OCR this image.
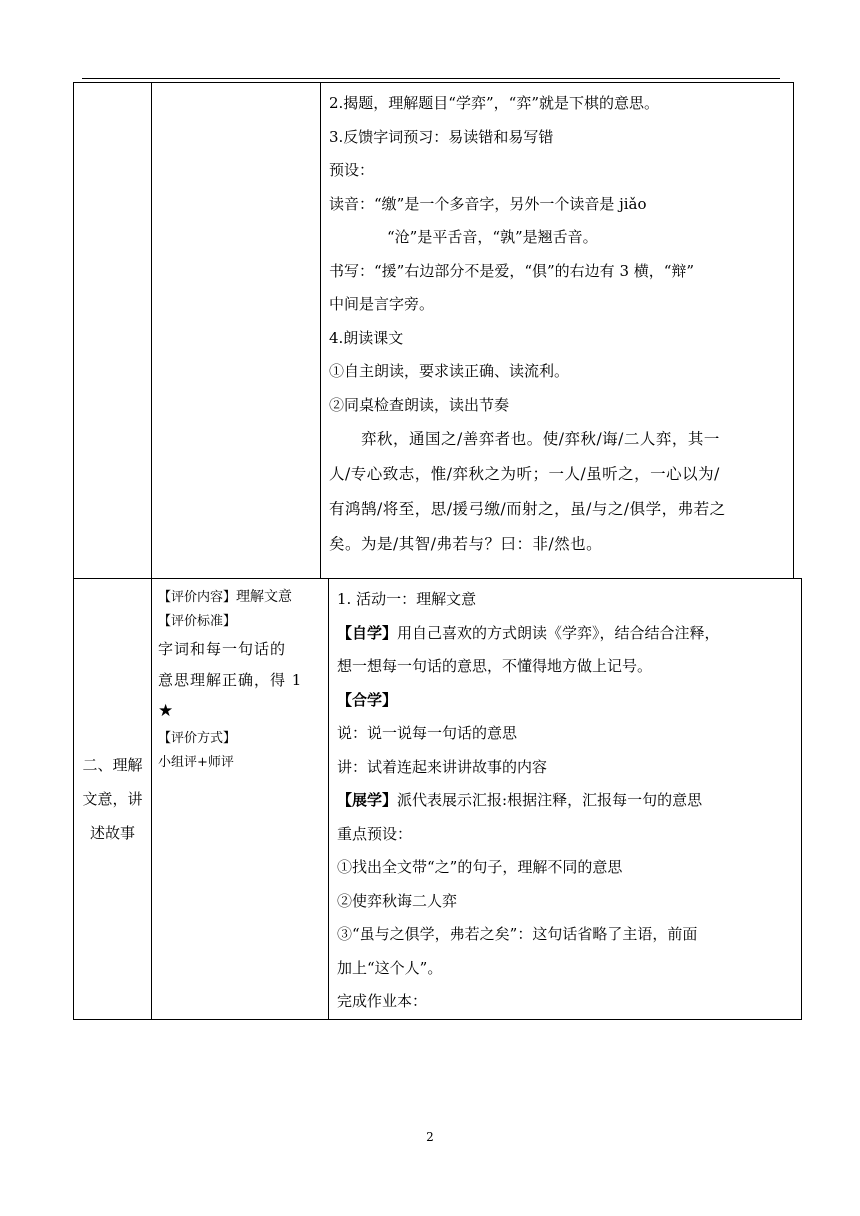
2.揭题，理解题目“学弈”，“弈”就是下棋的意思。
3.反馈字词预习：易读错和易写错
预设：
读音：“缴”是一个多音字，另外一个读音是 jiǎo
“沧”是平舌音，“孰”是翘舌音。
书写：“援”右边部分不是爱，“俱”的右边有 3 横，“辩”
中间是言字旁。
4.朗读课文
①自主朗读，要求读正确、读流利。
②同桌检查朗读，读出节奏
弈秋，通国之/善弈者也。使/弈秋/诲/二人弈，其一
人/专心致志，惟/弈秋之为听；一人/虽听之，一心以为/
有鸿鹄/将至，思/援弓缴/而射之，虽/与之/俱学，弗若之
矣。为是/其智/弗若与？曰：非/然也。
二、理解
文意，讲
述故事

【评价内容】理解文意
【评价标准】
字词和每一句话的
意思理解正确，得 1
★
【评价方式】
小组评+师评

1. 活动一：理解文意
【自学】用自己喜欢的方式朗读《学弈》，结合结合注释，
想一想每一句话的意思，不懂得地方做上记号。
【合学】
说：说一说每一句话的意思
讲：试着连起来讲讲故事的内容
【展学】派代表展示汇报:根据注释，汇报每一句的意思
重点预设：
①找出全文带“之”的句子，理解不同的意思
②使弈秋诲二人弈
③“虽与之俱学，弗若之矣”：这句话省略了主语，前面
加上“这个人”。
完成作业本：
2
